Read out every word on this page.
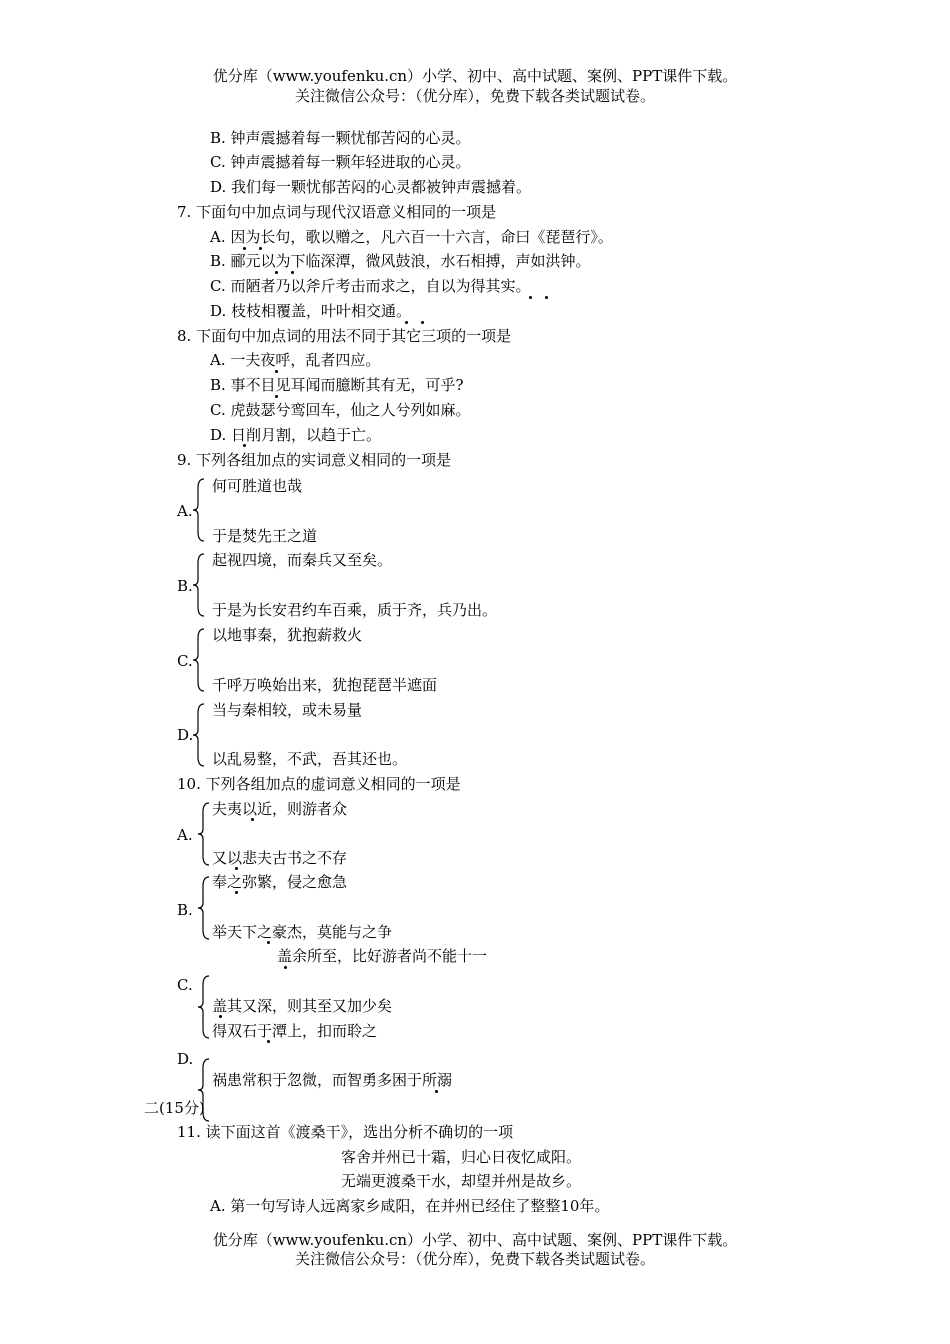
优分库（www.youfenku.cn）小学、初中、高中试题、案例、PPT课件下载。
关注微信公众号：（优分库），免费下载各类试题试卷。
B. 钟声震撼着每一颗忧郁苦闷的心灵。
C. 钟声震撼着每一颗年轻进取的心灵。
D. 我们每一颗忧郁苦闷的心灵都被钟声震撼着。
7. 下面句中加点词与现代汉语意义相同的一项是
A. 因为长句，歌以赠之，凡六百一十六言，命曰《琵琶行》。
B. 郦元以为下临深潭，微风鼓浪，水石相搏，声如洪钟。
C. 而陋者乃以斧斤考击而求之，自以为得其实。
D. 枝枝相覆盖，叶叶相交通。
8. 下面句中加点词的用法不同于其它三项的一项是
A. 一夫夜呼，乱者四应。
B. 事不目见耳闻而臆断其有无，可乎?
C. 虎鼓瑟兮鸾回车，仙之人兮列如麻。
D. 日削月割，以趋于亡。
9. 下列各组加点的实词意义相同的一项是
何可胜道也哉
A.
于是焚先王之道
起视四境，而秦兵又至矣。
B.
于是为长安君约车百乘，质于齐，兵乃出。
以地事秦，犹抱薪救火
C.
千呼万唤始出来，犹抱琵琶半遮面
当与秦相较，或未易量
D.
以乱易整，不武，吾其还也。
10. 下列各组加点的虚词意义相同的一项是
夫夷以近，则游者众
A.
又以悲夫古书之不存
奉之弥繁，侵之愈急
B.
举天下之豪杰，莫能与之争
盖余所至，比好游者尚不能十一
C.
盖其又深，则其至又加少矣
得双石于潭上，扣而聆之
D.
祸患常积于忽微，而智勇多困于所溺
二(15分)
11. 读下面这首《渡桑干》，选出分析不确切的一项
客舍并州已十霜，归心日夜忆咸阳。
无端更渡桑干水，却望并州是故乡。
A. 第一句写诗人远离家乡咸阳，在并州已经住了整整10年。
优分库（www.youfenku.cn）小学、初中、高中试题、案例、PPT课件下载。
关注微信公众号：（优分库），免费下载各类试题试卷。
